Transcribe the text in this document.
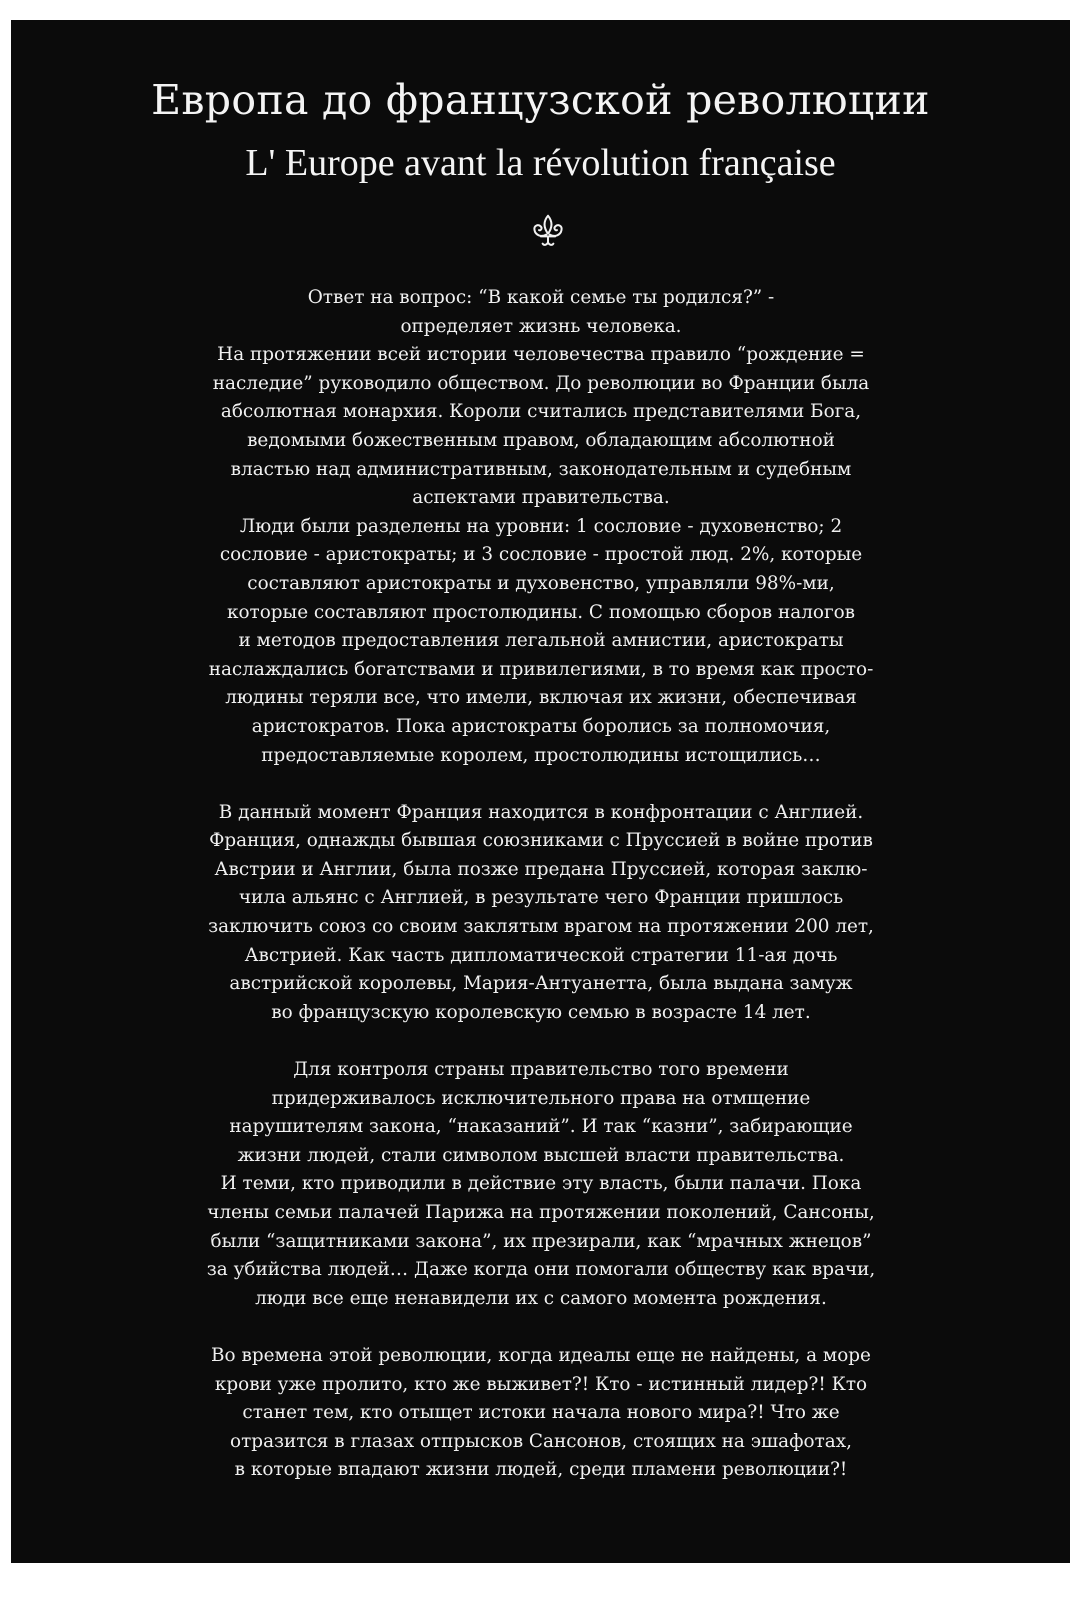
Европа до французской революции
L' Europe avant la révolution française
Ответ на вопрос: “В какой семье ты родился?” -
определяет жизнь человека.
На протяжении всей истории человечества правило “рождение =
наследие” руководило обществом. До революции во Франции была
абсолютная монархия. Короли считались представителями Бога,
ведомыми божественным правом, обладающим абсолютной
властью над административным, законодательным и судебным
аспектами правительства.
Люди были разделены на уровни: 1 сословие - духовенство; 2
сословие - аристократы; и 3 сословие - простой люд. 2%, которые
составляют аристократы и духовенство, управляли 98%-ми,
которые составляют простолюдины. С помощью сборов налогов
и методов предоставления легальной амнистии, аристократы
наслаждались богатствами и привилегиями, в то время как просто-
людины теряли все, что имели, включая их жизни, обеспечивая
аристократов. Пока аристократы боролись за полномочия,
предоставляемые королем, простолюдины истощились…
В данный момент Франция находится в конфронтации с Англией.
Франция, однажды бывшая союзниками с Пруссией в войне против
Австрии и Англии, была позже предана Пруссией, которая заклю-
чила альянс с Англией, в результате чего Франции пришлось
заключить союз со своим заклятым врагом на протяжении 200 лет,
Австрией. Как часть дипломатической стратегии 11-ая дочь
австрийской королевы, Мария-Антуанетта, была выдана замуж
во французскую королевскую семью в возрасте 14 лет.
Для контроля страны правительство того времени
придерживалось исключительного права на отмщение
нарушителям закона, “наказаний”. И так “казни”, забирающие
жизни людей, стали символом высшей власти правительства.
И теми, кто приводили в действие эту власть, были палачи. Пока
члены семьи палачей Парижа на протяжении поколений, Сансоны,
были “защитниками закона”, их презирали, как “мрачных жнецов”
за убийства людей… Даже когда они помогали обществу как врачи,
люди все еще ненавидели их с самого момента рождения.
Во времена этой революции, когда идеалы еще не найдены, а море
крови уже пролито, кто же выживет?! Кто - истинный лидер?! Кто
станет тем, кто отыщет истоки начала нового мира?! Что же
отразится в глазах отпрысков Сансонов, стоящих на эшафотах,
в которые впадают жизни людей, среди пламени революции?!
